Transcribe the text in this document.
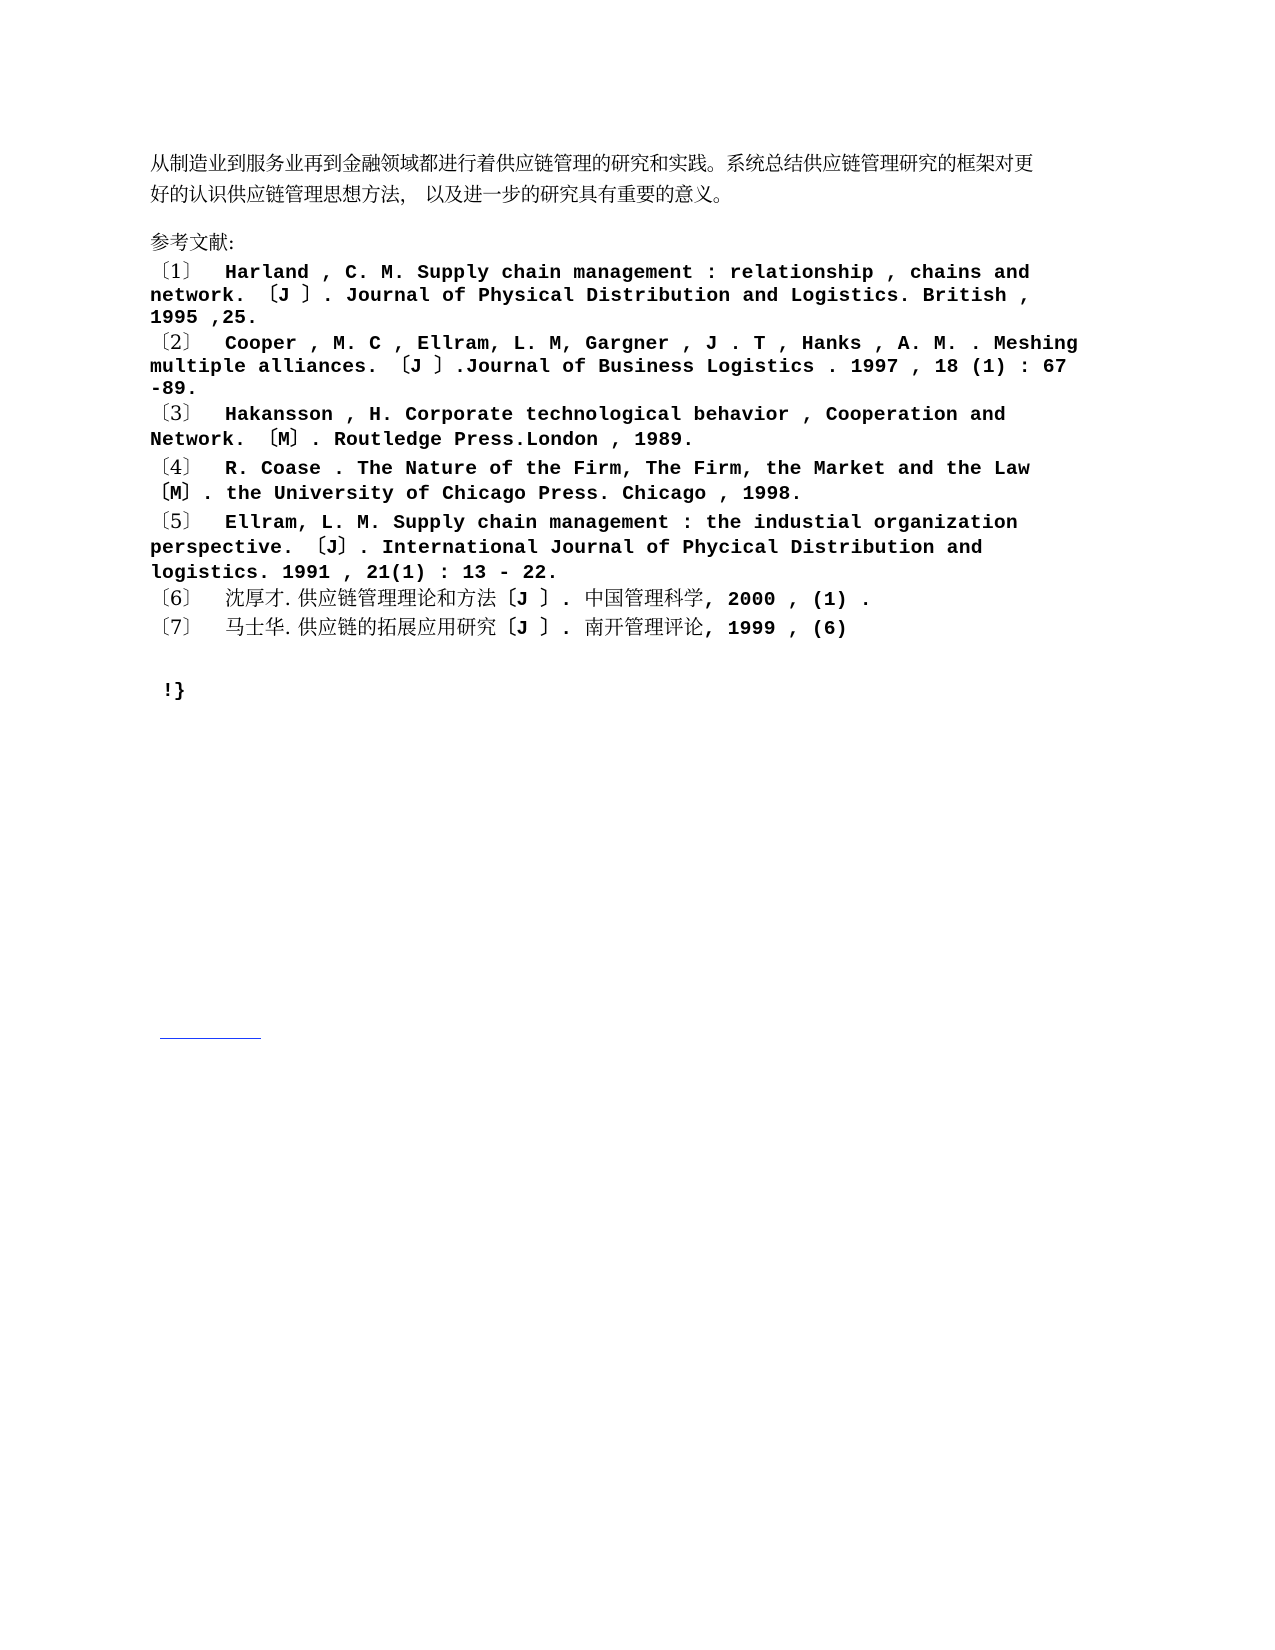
从制造业到服务业再到金融领域都进行着供应链管理的研究和实践。系统总结供应链管理研究的框架对更
好的认识供应链管理思想方法， 以及进一步的研究具有重要的意义。
参考文献:
〔1〕 Harland , C. M. Supply chain management : relationship , chains and
network. 〔J 〕. Journal of Physical Distribution and Logistics. British ,
1995 ,25.
〔2〕 Cooper , M. C , Ellram, L. M, Gargner , J . T , Hanks , A. M. . Meshing
multiple alliances. 〔J 〕.Journal of Business Logistics . 1997 , 18 (1) : 67
-89.
〔3〕 Hakansson , H. Corporate technological behavior , Cooperation and
Network. 〔M〕. Routledge Press.London , 1989.
〔4〕 R. Coase . The Nature of the Firm, The Firm, the Market and the Law
〔M〕. the University of Chicago Press. Chicago , 1998.
〔5〕 Ellram, L. M. Supply chain management : the industial organization
perspective. 〔J〕. International Journal of Phycical Distribution and
logistics. 1991 , 21(1) : 13 - 22.
〔6〕 沈厚才. 供应链管理理论和方法〔J 〕. 中国管理科学, 2000 , (1) .
〔7〕 马士华. 供应链的拓展应用研究〔J 〕. 南开管理评论, 1999 , (6)
!}
